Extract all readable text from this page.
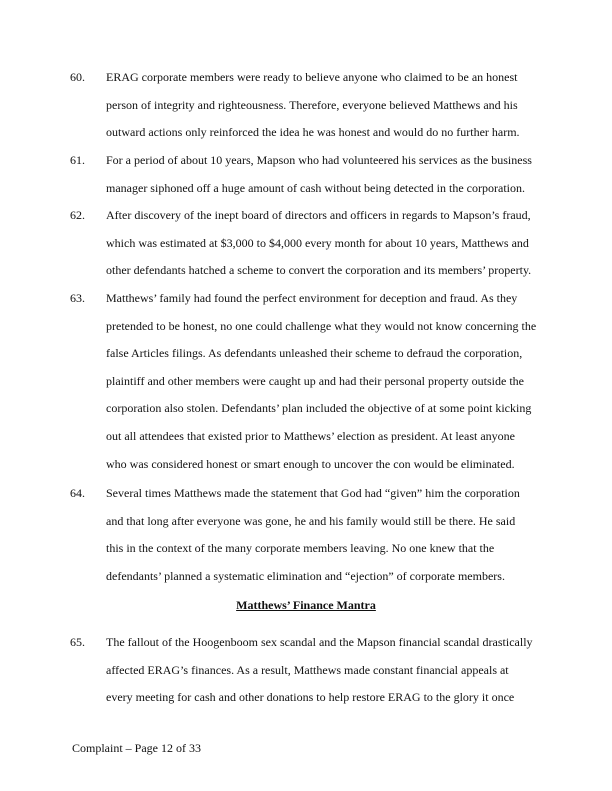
60.	ERAG corporate members were ready to believe anyone who claimed to be an honest
person of integrity and righteousness. Therefore, everyone believed Matthews and his
outward actions only reinforced the idea he was honest and would do no further harm.
61.	For a period of about 10 years, Mapson who had volunteered his services as the business
manager siphoned off a huge amount of cash without being detected in the corporation.
62.	After discovery of the inept board of directors and officers in regards to Mapson’s fraud,
which was estimated at $3,000 to $4,000 every month for about 10 years, Matthews and
other defendants hatched a scheme to convert the corporation and its members’ property.
63.	Matthews’ family had found the perfect environment for deception and fraud. As they
pretended to be honest, no one could challenge what they would not know concerning the
false Articles filings. As defendants unleashed their scheme to defraud the corporation,
plaintiff and other members were caught up and had their personal property outside the
corporation also stolen. Defendants’ plan included the objective of at some point kicking
out all attendees that existed prior to Matthews’ election as president. At least anyone
who was considered honest or smart enough to uncover the con would be eliminated.
64.	Several times Matthews made the statement that God had “given” him the corporation
and that long after everyone was gone, he and his family would still be there. He said
this in the context of the many corporate members leaving. No one knew that the
defendants’ planned a systematic elimination and “ejection” of corporate members.
Matthews’ Finance Mantra
65.	The fallout of the Hoogenboom sex scandal and the Mapson financial scandal drastically
affected ERAG’s finances. As a result, Matthews made constant financial appeals at
every meeting for cash and other donations to help restore ERAG to the glory it once
Complaint – Page 12 of 33
